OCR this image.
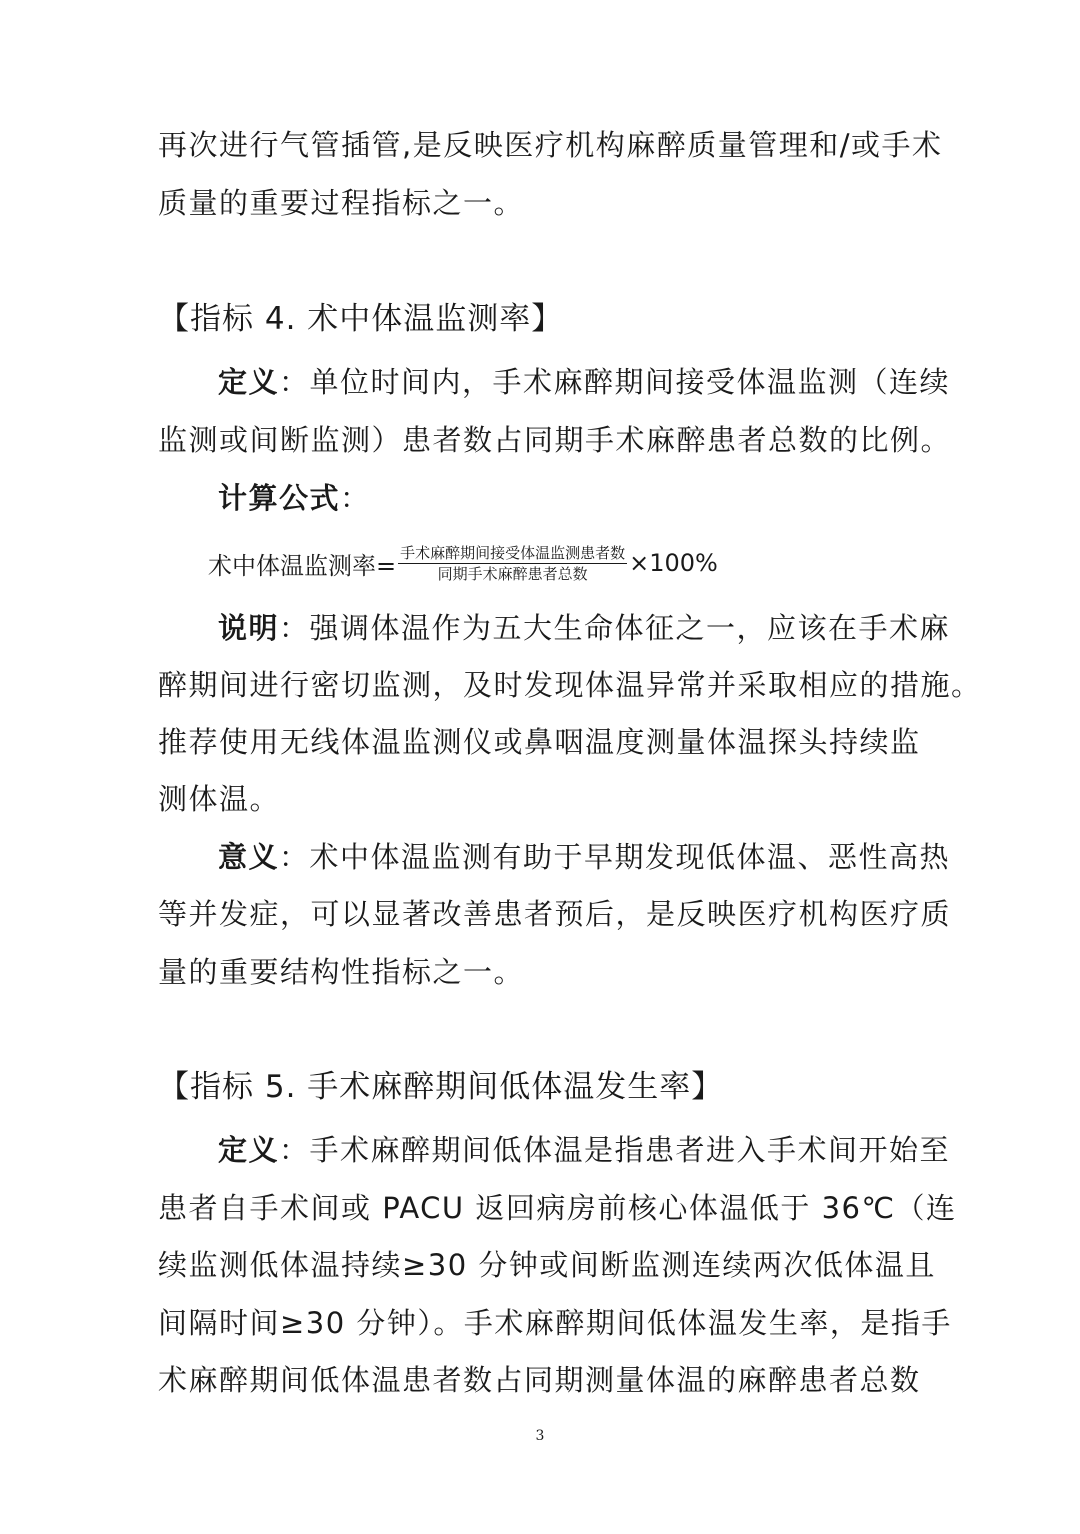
再次进行气管插管,是反映医疗机构麻醉质量管理和/或手术
质量的重要过程指标之一。
【指标 4. 术中体温监测率】
定义：单位时间内，手术麻醉期间接受体温监测（连续
监测或间断监测）患者数占同期手术麻醉患者总数的比例。
计算公式：
术中体温监测率= $\frac{\text{手术麻醉期间接受体温监测患者数}}{\text{同期手术麻醉患者总数}} \times 100\%$
说明：强调体温作为五大生命体征之一，应该在手术麻
醉期间进行密切监测，及时发现体温异常并采取相应的措施。
推荐使用无线体温监测仪或鼻咽温度测量体温探头持续监
测体温。
意义：术中体温监测有助于早期发现低体温、恶性高热
等并发症，可以显著改善患者预后，是反映医疗机构医疗质
量的重要结构性指标之一。
【指标 5. 手术麻醉期间低体温发生率】
定义：手术麻醉期间低体温是指患者进入手术间开始至
患者自手术间或 PACU 返回病房前核心体温低于 36℃（连
续监测低体温持续≥30 分钟或间断监测连续两次低体温且
间隔时间≥30 分钟）。手术麻醉期间低体温发生率，是指手
术麻醉期间低体温患者数占同期测量体温的麻醉患者总数
3
